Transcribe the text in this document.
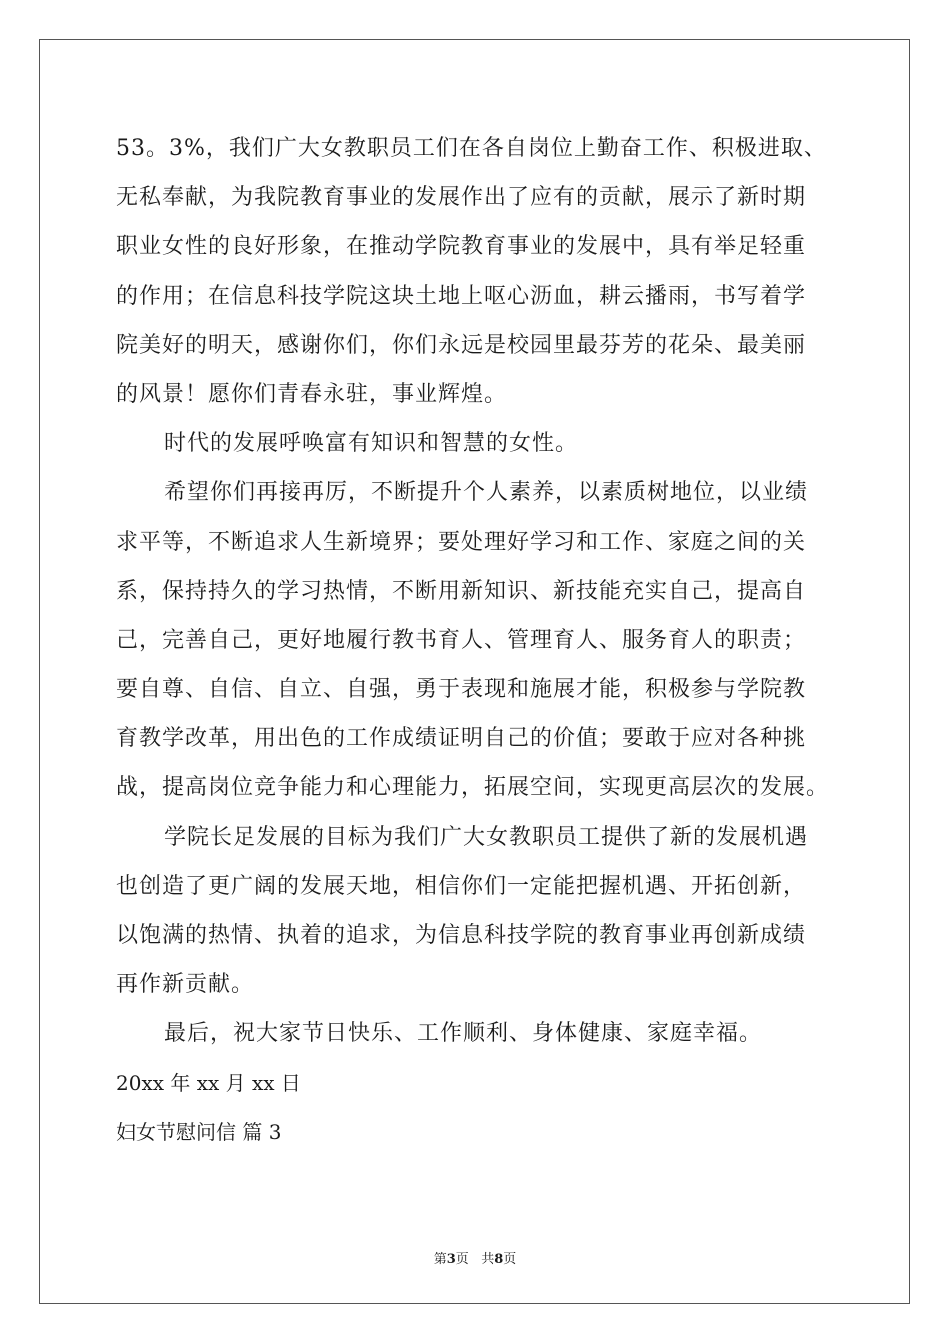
53。3%，我们广大女教职员工们在各自岗位上勤奋工作、积极进取、

无私奉献，为我院教育事业的发展作出了应有的贡献，展示了新时期

职业女性的良好形象，在推动学院教育事业的发展中，具有举足轻重

的作用；在信息科技学院这块土地上呕心沥血，耕云播雨，书写着学

院美好的明天，感谢你们，你们永远是校园里最芬芳的花朵、最美丽

的风景！愿你们青春永驻，事业辉煌。

时代的发展呼唤富有知识和智慧的女性。

希望你们再接再厉，不断提升个人素养，以素质树地位，以业绩

求平等，不断追求人生新境界；要处理好学习和工作、家庭之间的关

系，保持持久的学习热情，不断用新知识、新技能充实自己，提高自

己，完善自己，更好地履行教书育人、管理育人、服务育人的职责；

要自尊、自信、自立、自强，勇于表现和施展才能，积极参与学院教

育教学改革，用出色的工作成绩证明自己的价值；要敢于应对各种挑

战，提高岗位竞争能力和心理能力，拓展空间，实现更高层次的发展。

学院长足发展的目标为我们广大女教职员工提供了新的发展机遇

也创造了更广阔的发展天地，相信你们一定能把握机遇、开拓创新，

以饱满的热情、执着的追求，为信息科技学院的教育事业再创新成绩

再作新贡献。

最后，祝大家节日快乐、工作顺利、身体健康、家庭幸福。

20xx 年 xx 月 xx 日

妇女节慰问信 篇 3

第3页   共8页
